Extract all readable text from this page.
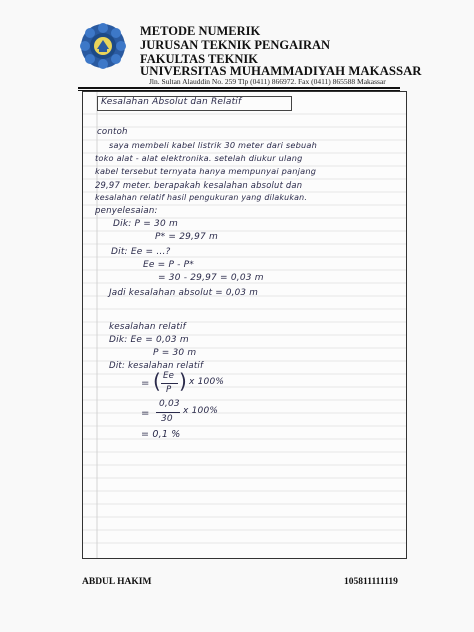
METODE NUMERIK
JURUSAN TEKNIK PENGAIRAN
FAKULTAS TEKNIK
UNIVERSITAS MUHAMMADIYAH MAKASSAR
Jln. Sultan Alauddin No. 259 Tlp (0411) 866972. Fax (0411) 865588 Makassar
Kesalahan Absolut dan Relatif
contoh
saya membeli kabel listrik 30 meter dari sebuah
toko alat - alat elektronika. setelah diukur ulang
kabel tersebut ternyata hanya mempunyai panjang
29,97 meter. berapakah kesalahan absolut dan
kesalahan relatif hasil pengukuran yang dilakukan.
penyelesaian:
Dik: P = 30 m
P* = 29,97 m
Dit: Ee = ...?
Ee = P - P*
= 30 - 29,97 = 0,03 m
Jadi kesalahan absolut = 0,03 m
kesalahan relatif
Dik: Ee = 0,03 m
P = 30 m
Dit: kesalahan relatif
= ( Ee
P ) x 100%
=
0,03
30
x 100%
= 0,1 %
ABDUL HAKIM	105811111119
